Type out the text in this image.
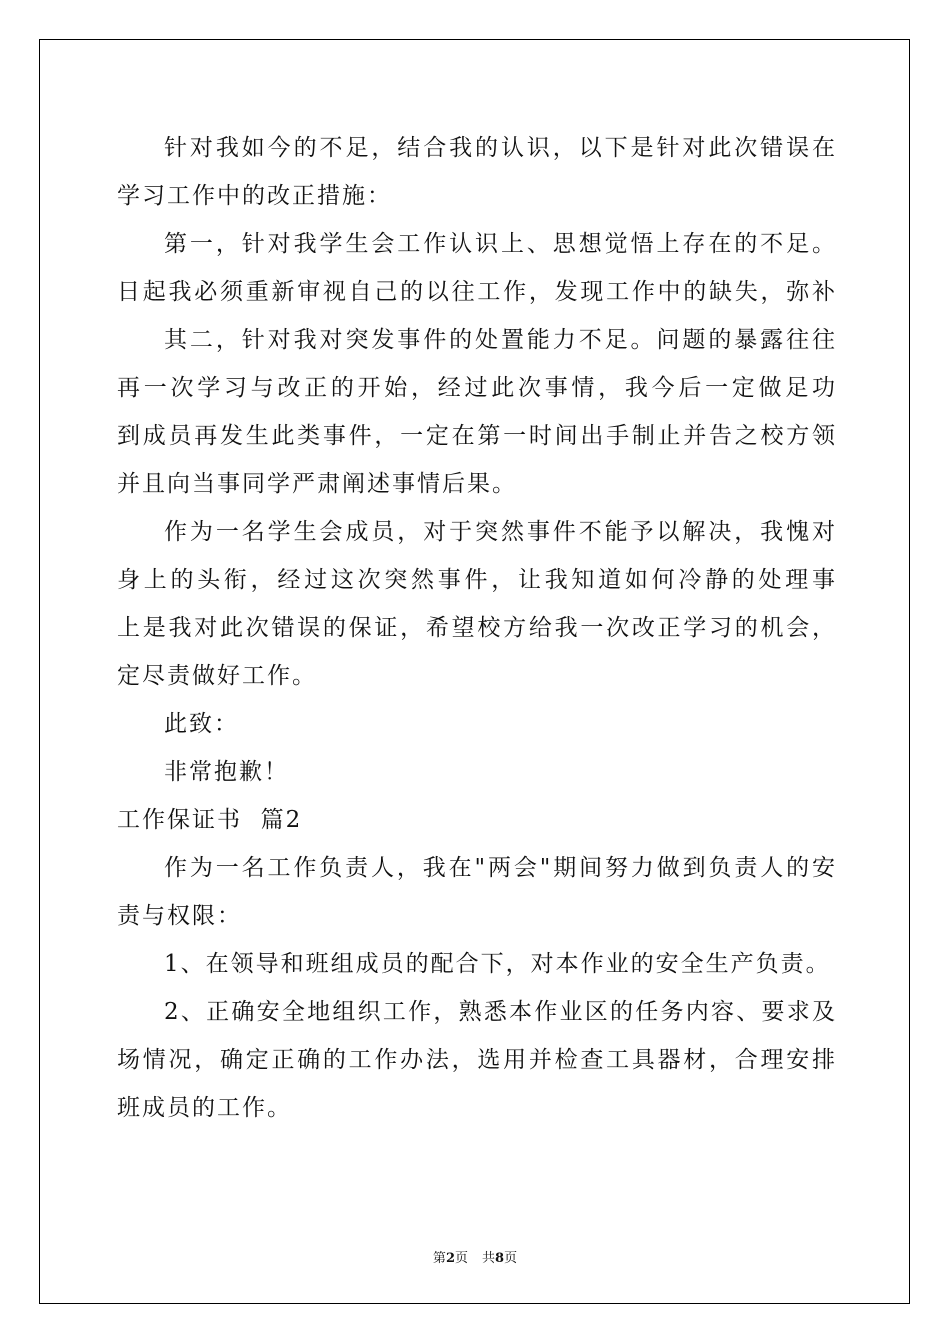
针对我如今的不足，结合我的认识，以下是针对此次错误在
学习工作中的改正措施：
第一，针对我学生会工作认识上、思想觉悟上存在的不足。
日起我必须重新审视自己的以往工作，发现工作中的缺失，弥补
其二，针对我对突发事件的处置能力不足。问题的暴露往往
再一次学习与改正的开始，经过此次事情，我今后一定做足功
到成员再发生此类事件，一定在第一时间出手制止并告之校方领
并且向当事同学严肃阐述事情后果。
作为一名学生会成员，对于突然事件不能予以解决，我愧对
身上的头衔，经过这次突然事件，让我知道如何冷静的处理事
上是我对此次错误的保证，希望校方给我一次改正学习的机会，
定尽责做好工作。
此致：
非常抱歉！
工作保证书  篇2
作为一名工作负责人，我在"两会"期间努力做到负责人的安
责与权限：
1、在领导和班组成员的配合下，对本作业的安全生产负责。
2、正确安全地组织工作，熟悉本作业区的任务内容、要求及
场情况，确定正确的工作办法，选用并检查工具器材，合理安排
班成员的工作。
第2页 共8页
